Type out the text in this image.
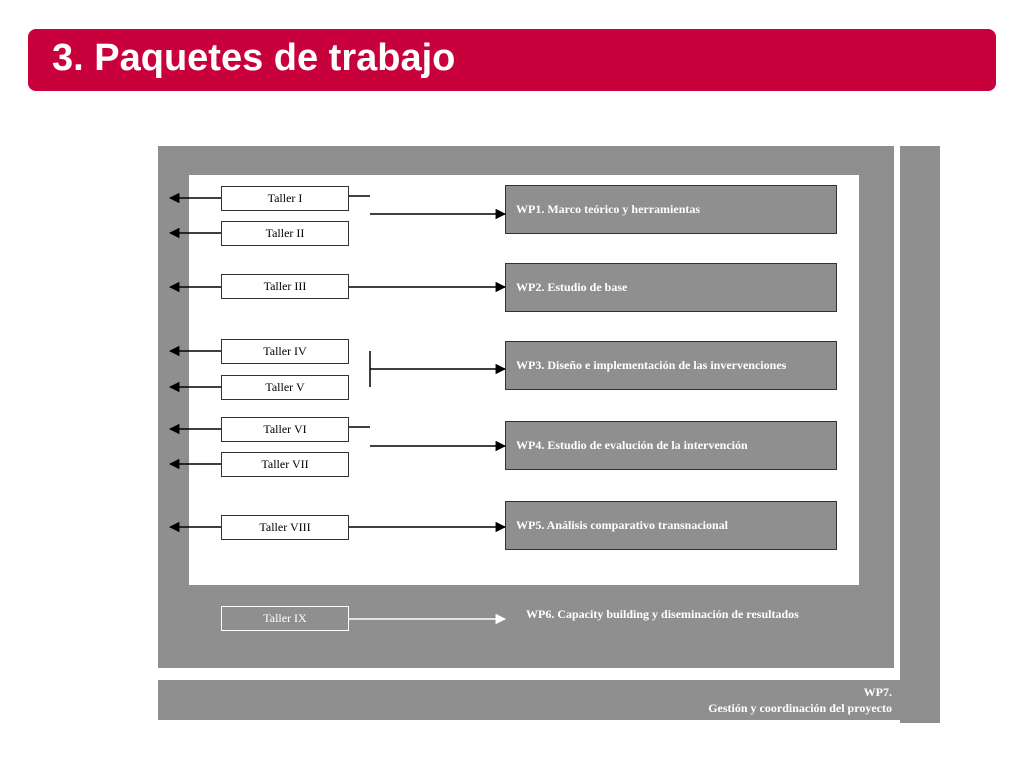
3. Paquetes de trabajo
WP7.
Gestión y coordinación del proyecto
Taller I
Taller II
Taller III
Taller IV
Taller V
Taller VI
Taller VII
Taller VIII
Taller IX
WP1. Marco teórico y herramientas
WP2. Estudio de base
WP3. Diseño e implementación de las invervenciones
WP4. Estudio de evalución de la intervención
WP5. Análisis comparativo transnacional
WP6. Capacity building y diseminación de resultados
